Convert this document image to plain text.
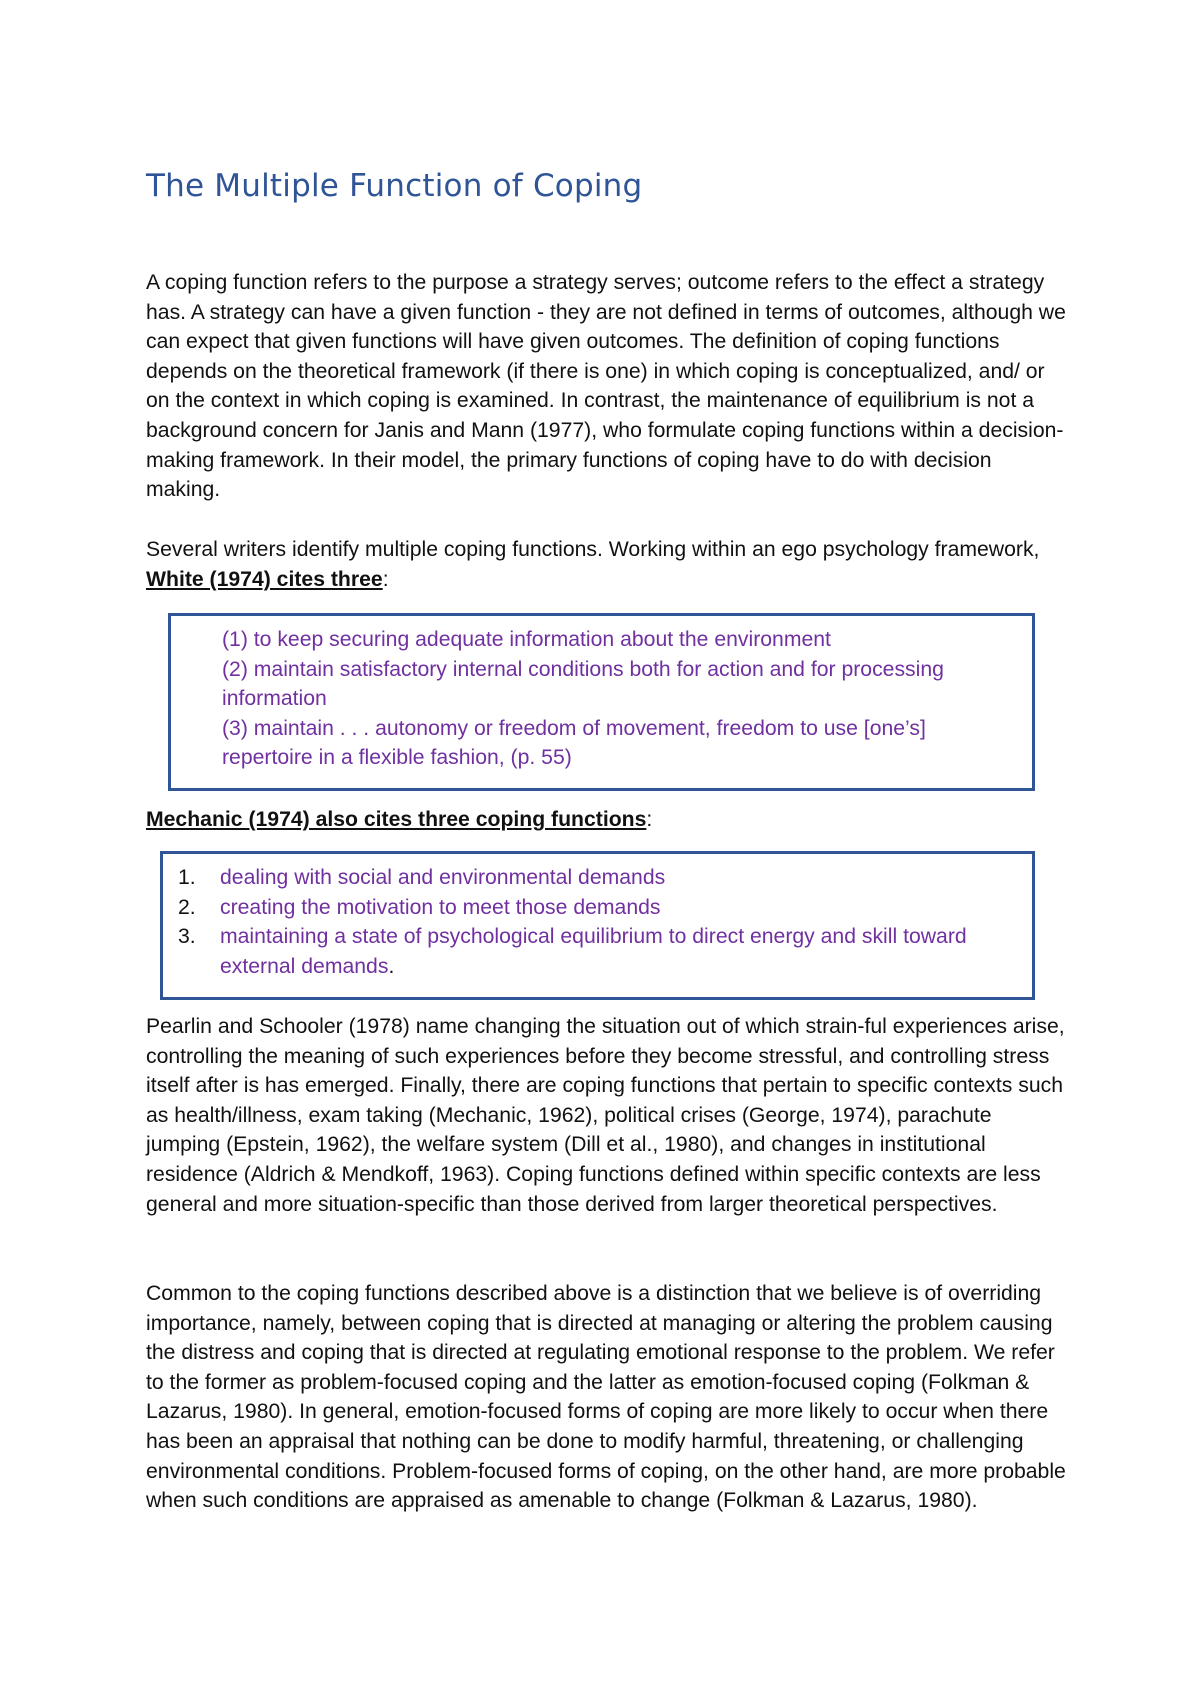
The Multiple Function of Coping

A coping function refers to the purpose a strategy serves; outcome refers to the effect a strategy has. A strategy can have a given function - they are not defined in terms of outcomes, although we can expect that given functions will have given outcomes. The definition of coping functions depends on the theoretical framework (if there is one) in which coping is conceptualized, and/ or on the context in which coping is examined. In contrast, the maintenance of equilibrium is not a background concern for Janis and Mann (1977), who formulate coping functions within a decision-making framework. In their model, the primary functions of coping have to do with decision making.

Several writers identify multiple coping functions. Working within an ego psychology framework, White (1974) cites three:

(1) to keep securing adequate information about the environment
(2) maintain satisfactory internal conditions both for action and for processing information
(3) maintain . . . autonomy or freedom of movement, freedom to use [one’s] repertoire in a flexible fashion, (p. 55)

Mechanic (1974) also cites three coping functions:

1. dealing with social and environmental demands
2. creating the motivation to meet those demands
3. maintaining a state of psychological equilibrium to direct energy and skill toward external demands.

Pearlin and Schooler (1978) name changing the situation out of which strain-ful experiences arise, controlling the meaning of such experiences before they become stressful, and controlling stress itself after is has emerged. Finally, there are coping functions that pertain to specific contexts such as health/illness, exam taking (Mechanic, 1962), political crises (George, 1974), parachute jumping (Epstein, 1962), the welfare system (Dill et al., 1980), and changes in institutional residence (Aldrich & Mendkoff, 1963). Coping functions defined within specific contexts are less general and more situation-specific than those derived from larger theoretical perspectives.

Common to the coping functions described above is a distinction that we believe is of overriding importance, namely, between coping that is directed at managing or altering the problem causing the distress and coping that is directed at regulating emotional response to the problem. We refer to the former as problem-focused coping and the latter as emotion-focused coping (Folkman & Lazarus, 1980). In general, emotion-focused forms of coping are more likely to occur when there has been an appraisal that nothing can be done to modify harmful, threatening, or challenging environmental conditions. Problem-focused forms of coping, on the other hand, are more probable when such conditions are appraised as amenable to change (Folkman & Lazarus, 1980).
